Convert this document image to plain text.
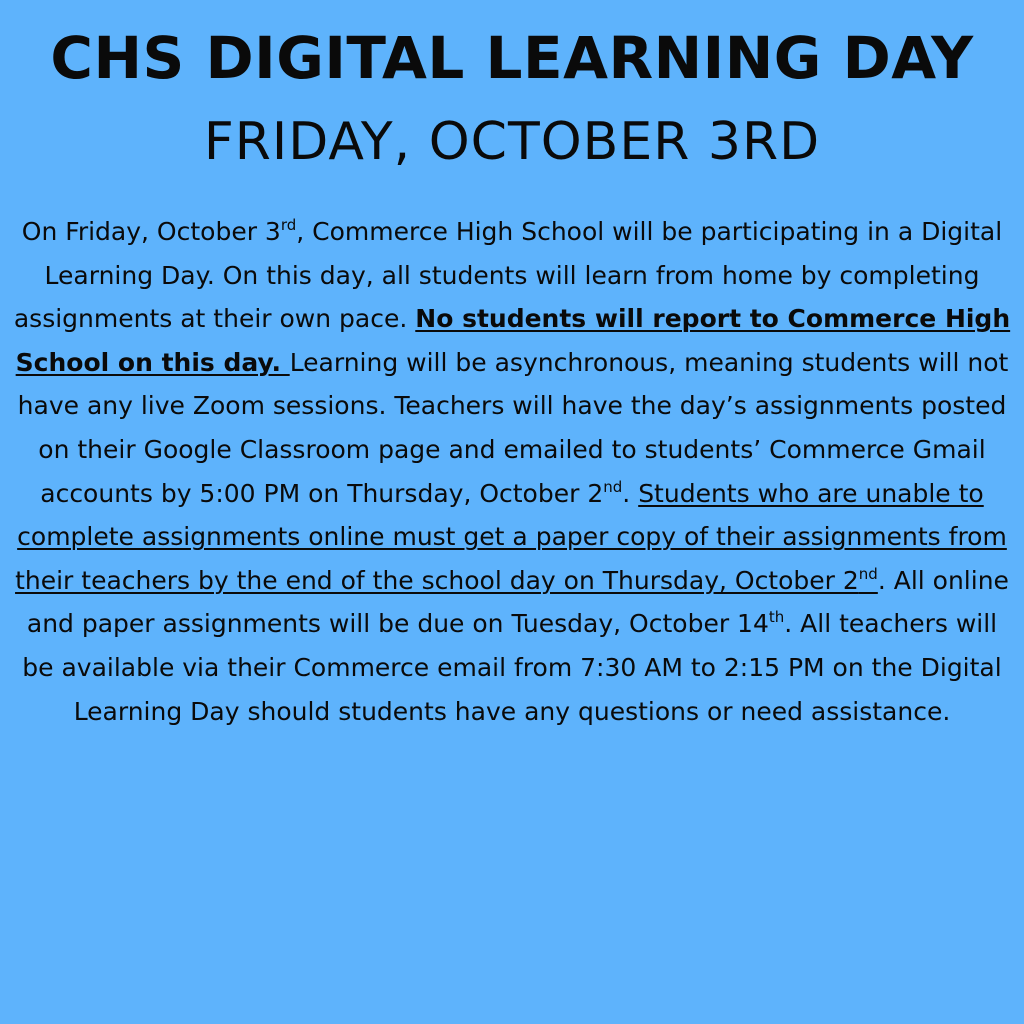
CHS DIGITAL LEARNING DAY
FRIDAY, OCTOBER 3RD

On Friday, October 3rd, Commerce High School will be participating in a Digital Learning Day. On this day, all students will learn from home by completing assignments at their own pace. No students will report to Commerce High School on this day. Learning will be asynchronous, meaning students will not have any live Zoom sessions. Teachers will have the day’s assignments posted on their Google Classroom page and emailed to students’ Commerce Gmail accounts by 5:00 PM on Thursday, October 2nd. Students who are unable to complete assignments online must get a paper copy of their assignments from their teachers by the end of the school day on Thursday, October 2nd. All online and paper assignments will be due on Tuesday, October 14th. All teachers will be available via their Commerce email from 7:30 AM to 2:15 PM on the Digital Learning Day should students have any questions or need assistance.
